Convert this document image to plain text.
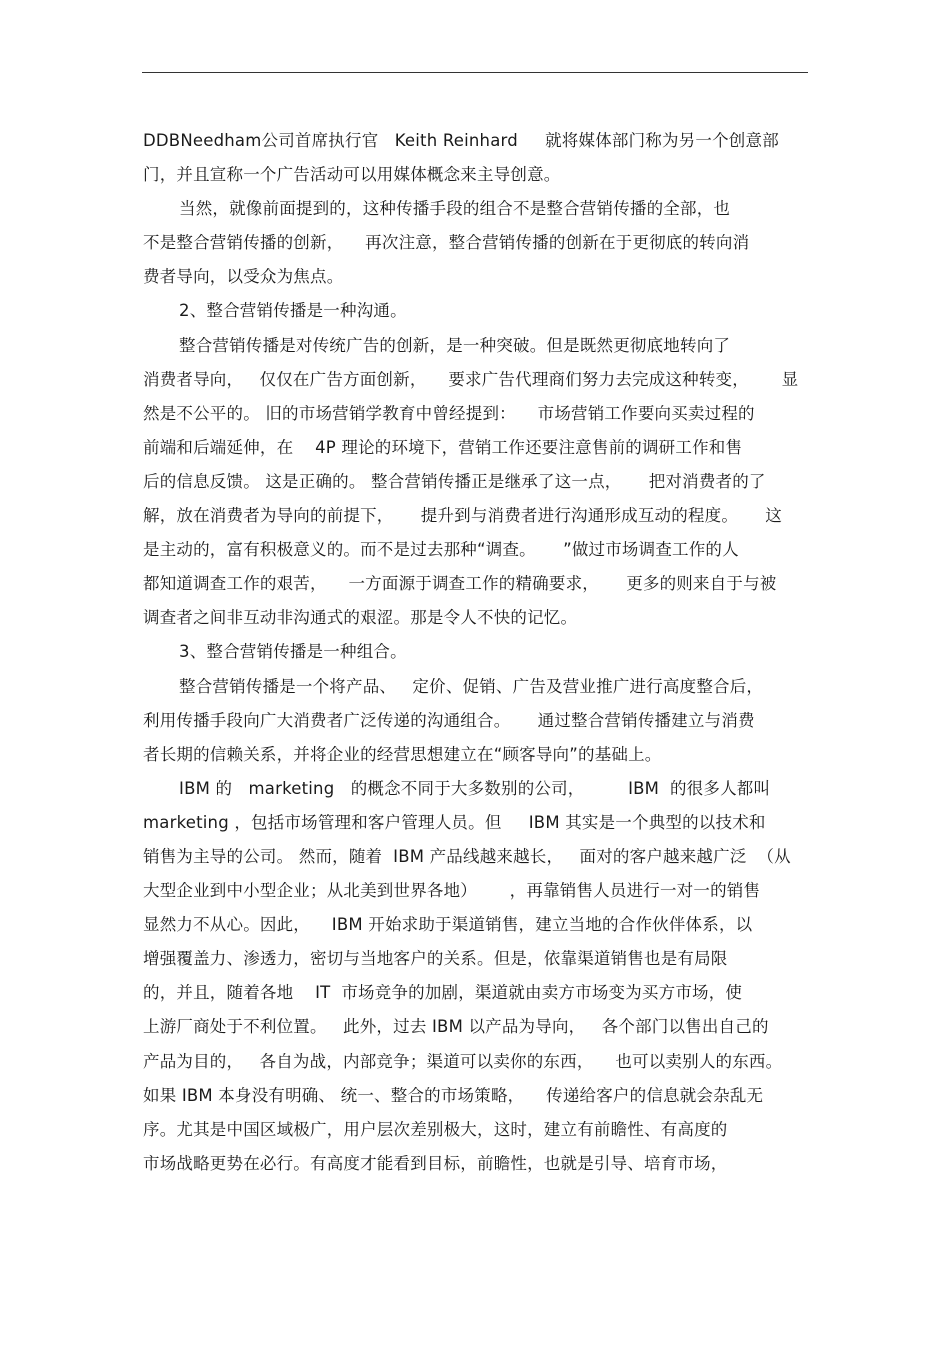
DDBNeedham公司首席执行官   Keith Reinhard     就将媒体部门称为另一个创意部
门，并且宣称一个广告活动可以用媒体概念来主导创意。
当然，就像前面提到的，这种传播手段的组合不是整合营销传播的全部，也
不是整合营销传播的创新，    再次注意，整合营销传播的创新在于更彻底的转向消
费者导向，以受众为焦点。
2、整合营销传播是一种沟通。
整合营销传播是对传统广告的创新，是一种突破。但是既然更彻底地转向了
消费者导向，   仅仅在广告方面创新，    要求广告代理商们努力去完成这种转变，      显
然是不公平的。 旧的市场营销学教育中曾经提到：    市场营销工作要向买卖过程的
前端和后端延伸，在    4P 理论的环境下，营销工作还要注意售前的调研工作和售
后的信息反馈。 这是正确的。 整合营销传播正是继承了这一点，     把对消费者的了
解，放在消费者为导向的前提下，     提升到与消费者进行沟通形成互动的程度。     这
是主动的，富有积极意义的。而不是过去那种“调查。     ”做过市场调查工作的人
都知道调查工作的艰苦，    一方面源于调查工作的精确要求，     更多的则来自于与被
调查者之间非互动非沟通式的艰涩。那是令人不快的记忆。
3、整合营销传播是一种组合。
整合营销传播是一个将产品、   定价、促销、广告及营业推广进行高度整合后，
利用传播手段向广大消费者广泛传递的沟通组合。     通过整合营销传播建立与消费
者长期的信赖关系，并将企业的经营思想建立在“顾客导向”的基础上。
IBM 的   marketing   的概念不同于大多数别的公司，        IBM  的很多人都叫
marketing ，包括市场管理和客户管理人员。但     IBM 其实是一个典型的以技术和
销售为主导的公司。 然而，随着  IBM 产品线越来越长，   面对的客户越来越广泛  （从
大型企业到中小型企业；从北美到世界各地）      ，再靠销售人员进行一对一的销售
显然力不从心。因此，    IBM 开始求助于渠道销售，建立当地的合作伙伴体系，以
增强覆盖力、渗透力，密切与当地客户的关系。但是，依靠渠道销售也是有局限
的，并且，随着各地    IT  市场竞争的加剧，渠道就由卖方市场变为买方市场，使
上游厂商处于不利位置。   此外，过去 IBM 以产品为导向，   各个部门以售出自己的
产品为目的，   各自为战，内部竞争；渠道可以卖你的东西，    也可以卖别人的东西。
如果 IBM 本身没有明确、 统一、整合的市场策略，    传递给客户的信息就会杂乱无
序。尤其是中国区域极广，用户层次差别极大，这时，建立有前瞻性、有高度的
市场战略更势在必行。有高度才能看到目标，前瞻性，也就是引导、培育市场，
